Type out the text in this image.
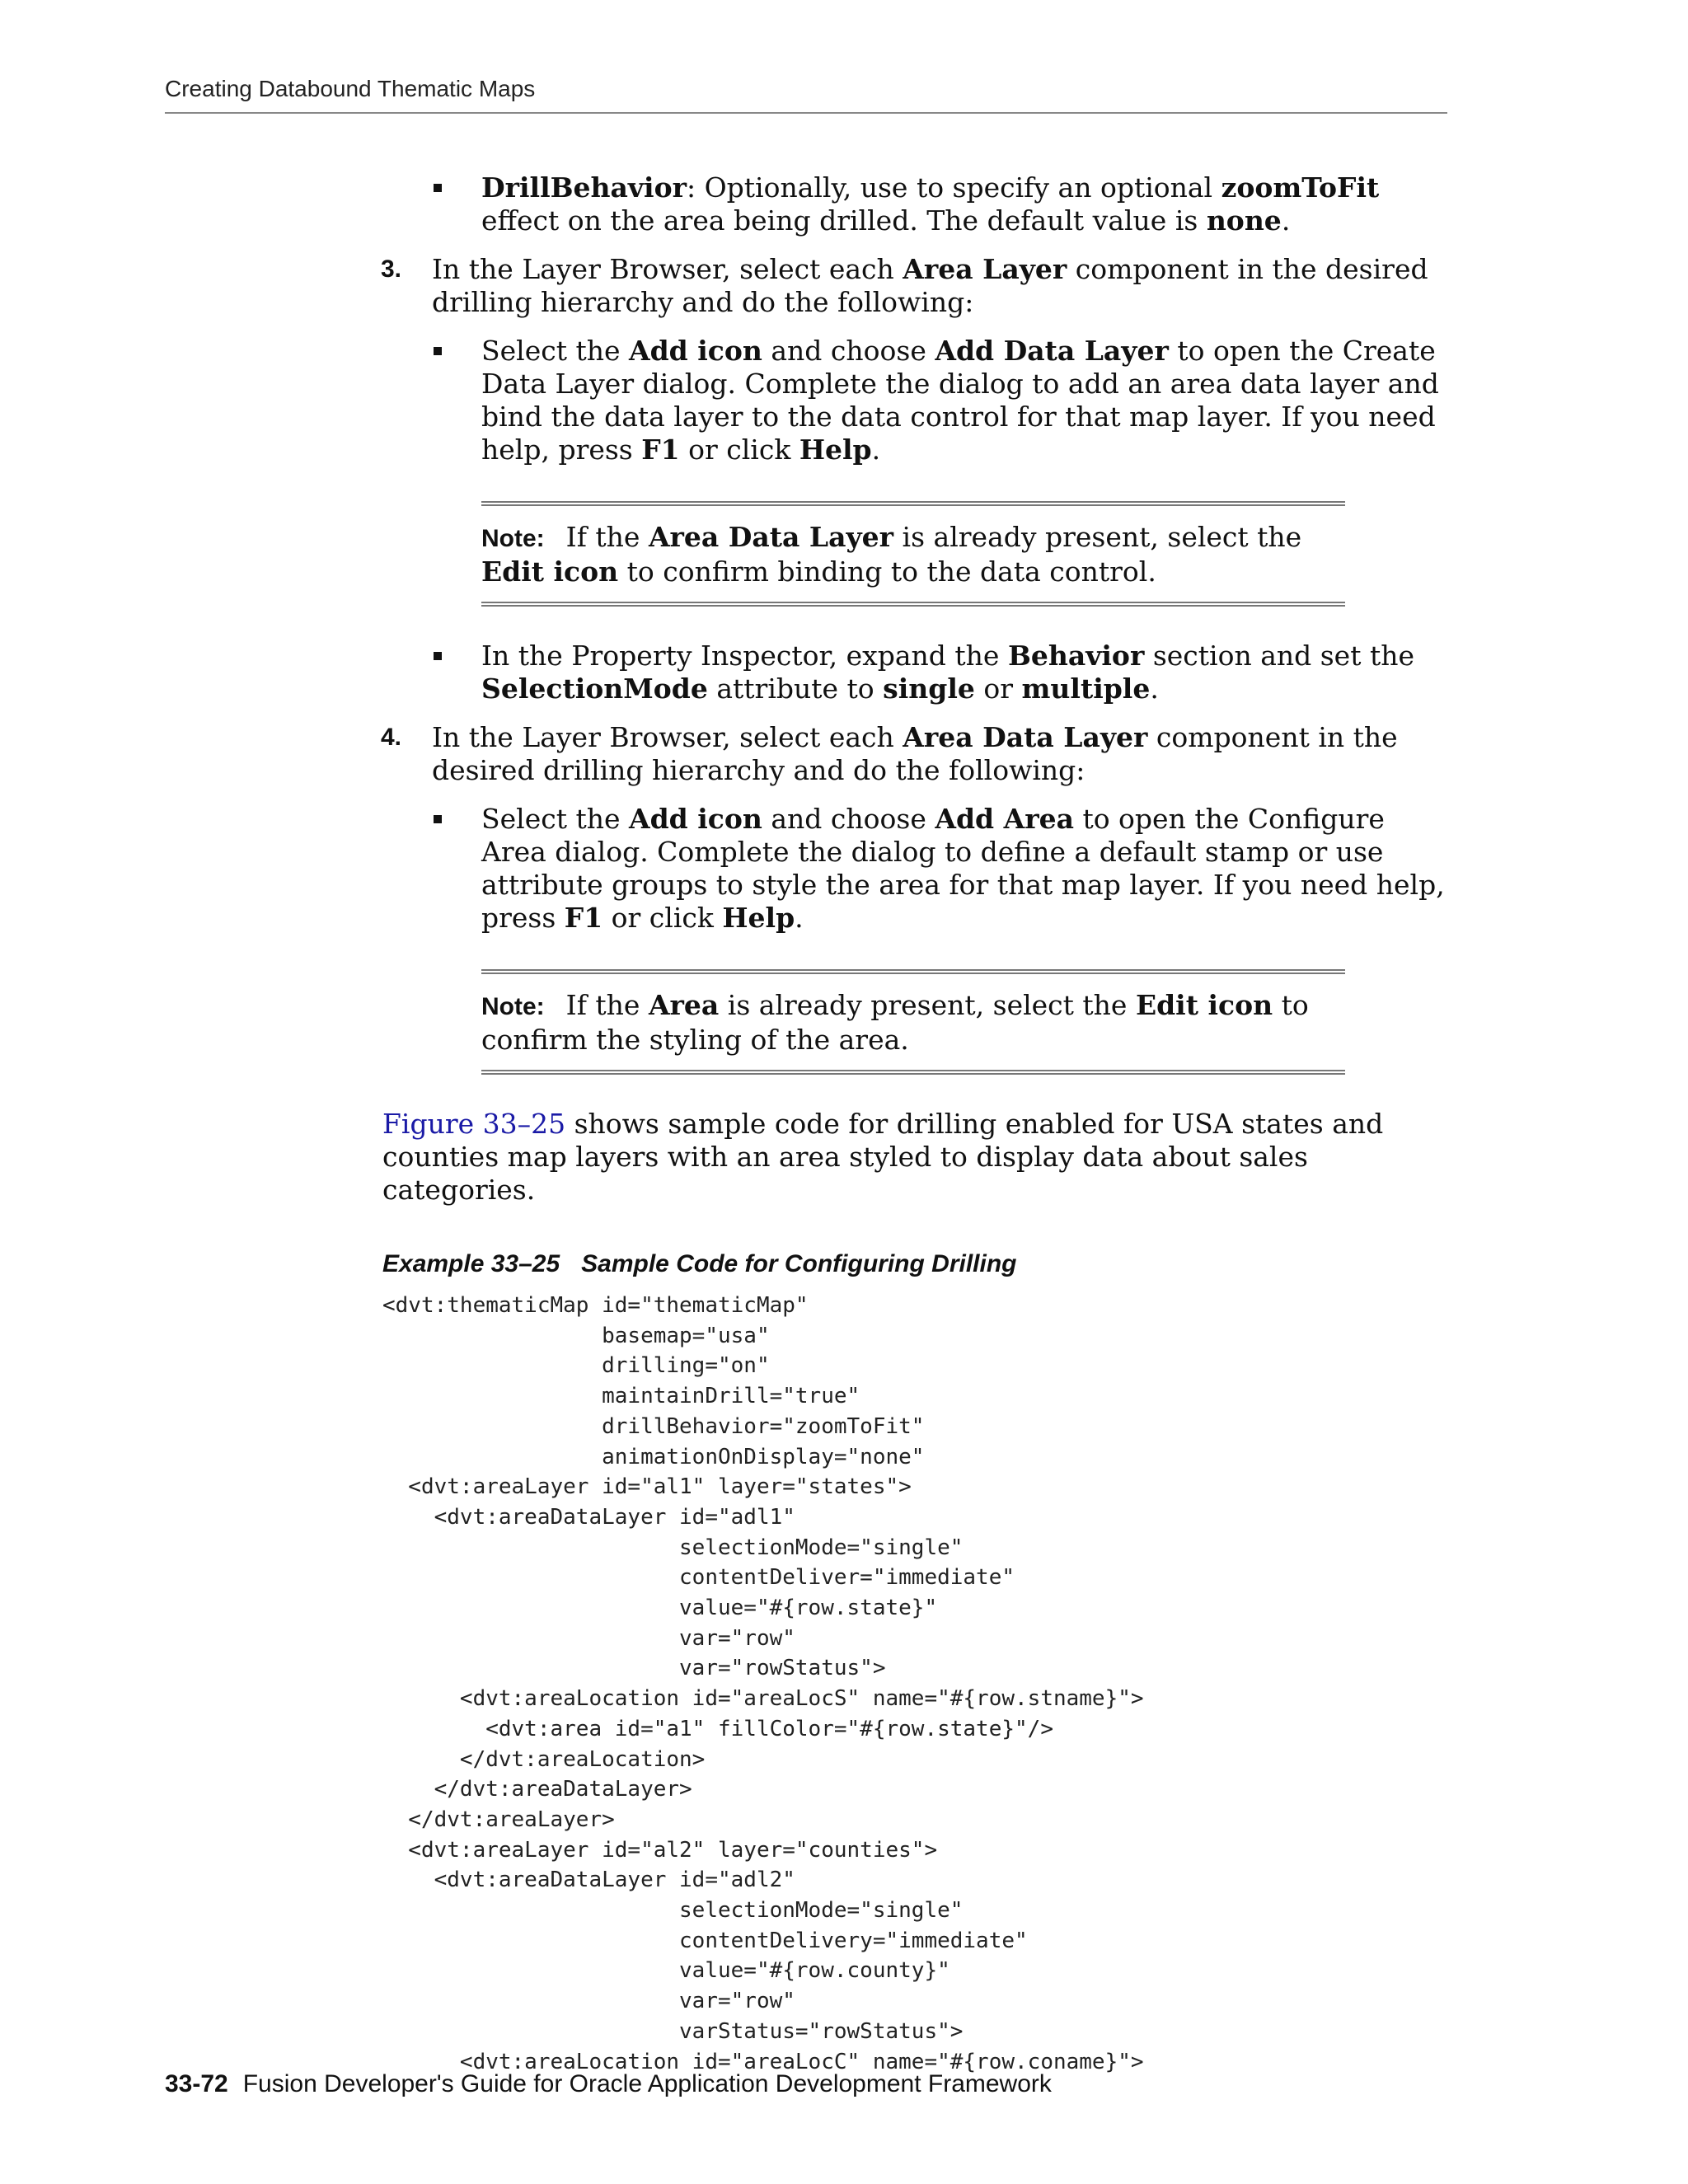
Creating Databound Thematic Maps
DrillBehavior: Optionally, use to specify an optional zoomToFit effect on the area being drilled. The default value is none.
3. In the Layer Browser, select each Area Layer component in the desired drilling hierarchy and do the following:
Select the Add icon and choose Add Data Layer to open the Create Data Layer dialog. Complete the dialog to add an area data layer and bind the data layer to the data control for that map layer. If you need help, press F1 or click Help.
Note: If the Area Data Layer is already present, select the Edit icon to confirm binding to the data control.
In the Property Inspector, expand the Behavior section and set the SelectionMode attribute to single or multiple.
4. In the Layer Browser, select each Area Data Layer component in the desired drilling hierarchy and do the following:
Select the Add icon and choose Add Area to open the Configure Area dialog. Complete the dialog to define a default stamp or use attribute groups to style the area for that map layer. If you need help, press F1 or click Help.
Note: If the Area is already present, select the Edit icon to confirm the styling of the area.
Figure 33–25 shows sample code for drilling enabled for USA states and counties map layers with an area styled to display data about sales categories.
Example 33–25 Sample Code for Configuring Drilling
<dvt:thematicMap id="thematicMap"
basemap="usa"
drilling="on"
maintainDrill="true"
drillBehavior="zoomToFit"
animationOnDisplay="none"
<dvt:areaLayer id="al1" layer="states">
<dvt:areaDataLayer id="adl1"
selectionMode="single"
contentDeliver="immediate"
value="#{row.state}"
var="row"
var="rowStatus">
<dvt:areaLocation id="areaLocS" name="#{row.stname}">
<dvt:area id="a1" fillColor="#{row.state}"/>
</dvt:areaLocation>
</dvt:areaDataLayer>
</dvt:areaLayer>
<dvt:areaLayer id="al2" layer="counties">
<dvt:areaDataLayer id="adl2"
selectionMode="single"
contentDelivery="immediate"
value="#{row.county}"
var="row"
varStatus="rowStatus">
<dvt:areaLocation id="areaLocC" name="#{row.coname}">
33-72 Fusion Developer's Guide for Oracle Application Development Framework
